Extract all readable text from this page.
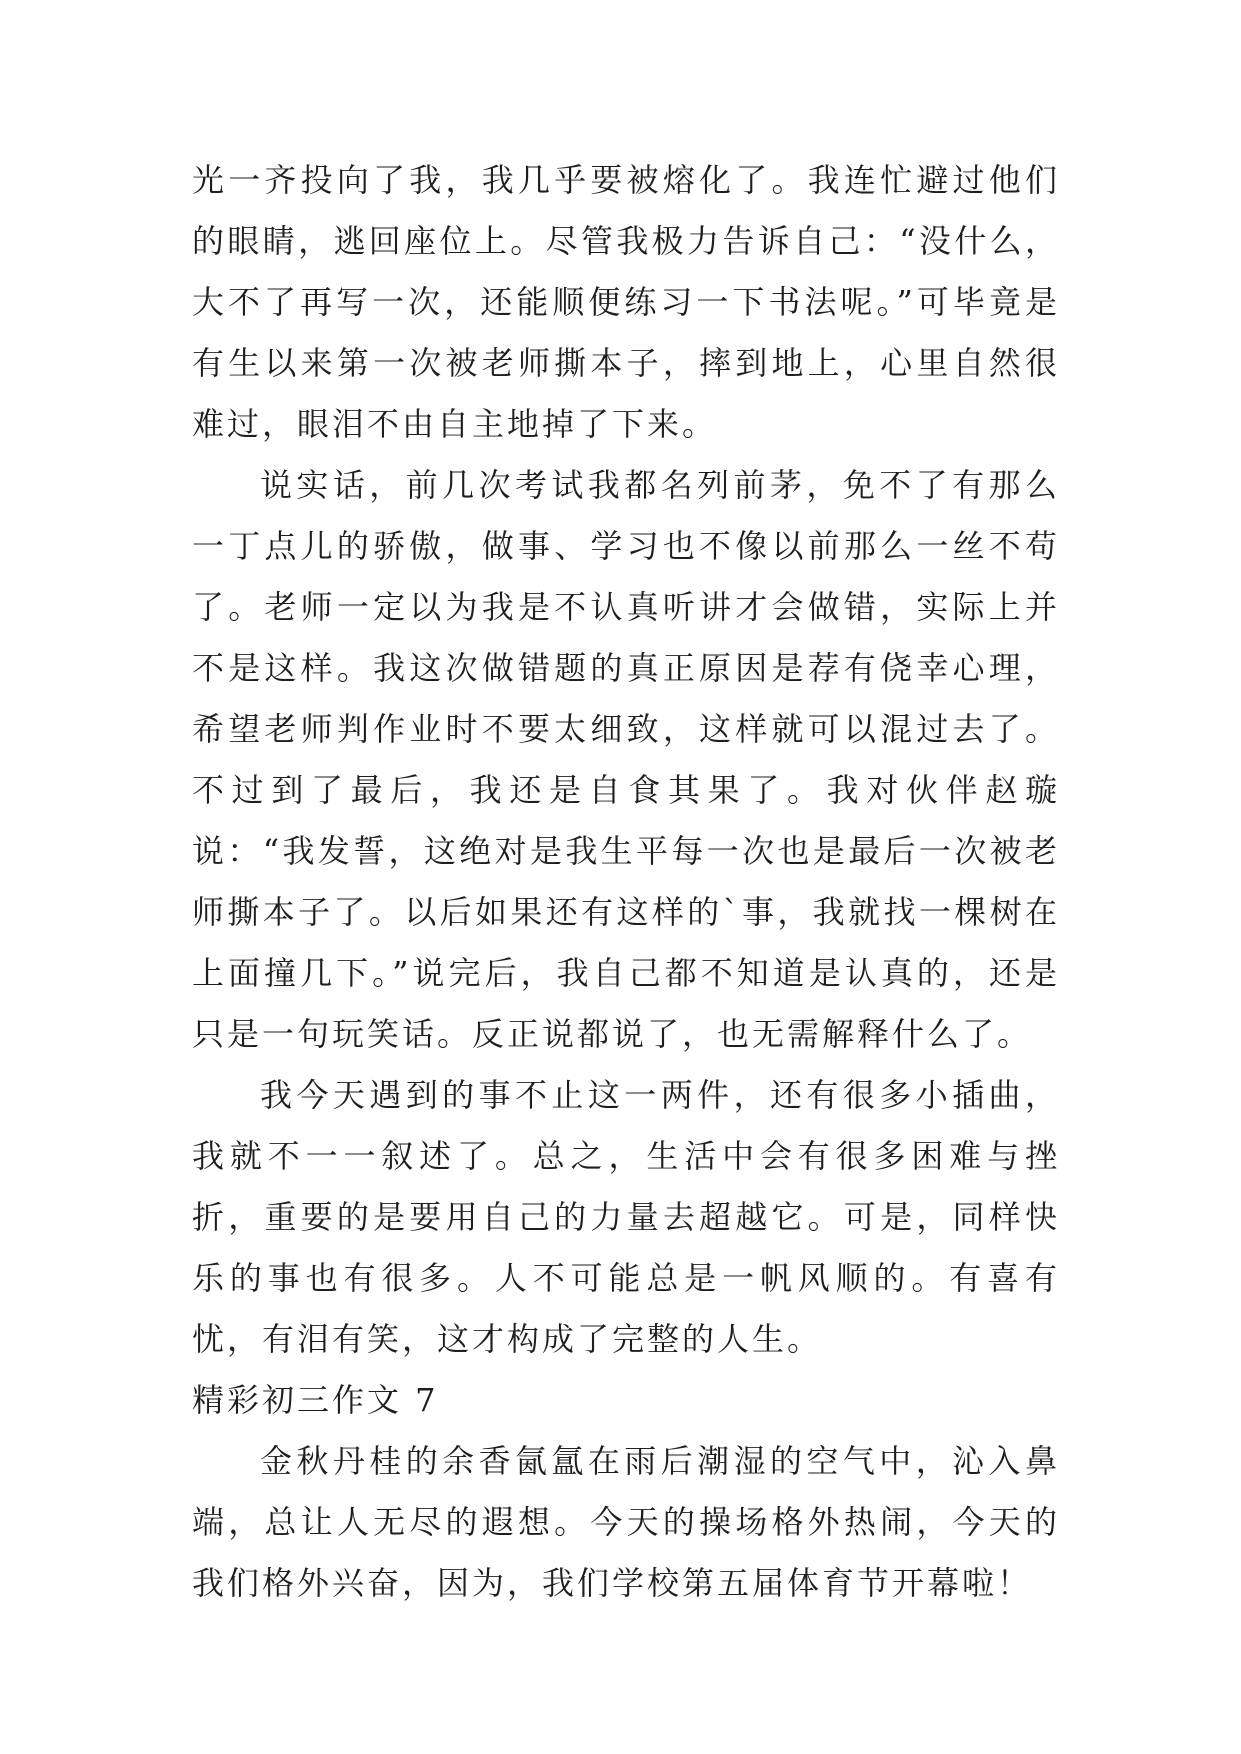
光一齐投向了我，我几乎要被熔化了。我连忙避过他们的眼睛，逃回座位上。尽管我极力告诉自己：“没什么，大不了再写一次，还能顺便练习一下书法呢。”可毕竟是有生以来第一次被老师撕本子，摔到地上，心里自然很难过，眼泪不由自主地掉了下来。

说实话，前几次考试我都名列前茅，免不了有那么一丁点儿的骄傲，做事、学习也不像以前那么一丝不苟了。老师一定以为我是不认真听讲才会做错，实际上并不是这样。我这次做错题的真正原因是荐有侥幸心理，希望老师判作业时不要太细致，这样就可以混过去了。不过到了最后，我还是自食其果了。我对伙伴赵璇说：“我发誓，这绝对是我生平每一次也是最后一次被老师撕本子了。以后如果还有这样的`事，我就找一棵树在上面撞几下。”说完后，我自己都不知道是认真的，还是只是一句玩笑话。反正说都说了，也无需解释什么了。

我今天遇到的事不止这一两件，还有很多小插曲，我就不一一叙述了。总之，生活中会有很多困难与挫折，重要的是要用自己的力量去超越它。可是，同样快乐的事也有很多。人不可能总是一帆风顺的。有喜有忧，有泪有笑，这才构成了完整的人生。

精彩初三作文 7

金秋丹桂的余香氤氲在雨后潮湿的空气中，沁入鼻端，总让人无尽的遐想。今天的操场格外热闹，今天的我们格外兴奋，因为，我们学校第五届体育节开幕啦！
